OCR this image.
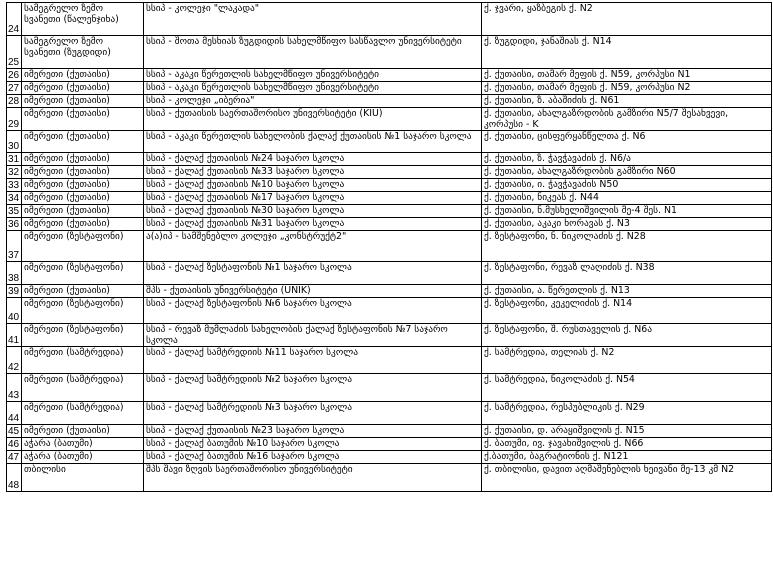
24	სამეგრელო ზემო სვანეთი (წალენჯიხა)	სსიპ - კოლეჯი "ლაკადა"	ქ. ჯვარი, ყაზბეგის ქ. N2
25	სამეგრელო ზემო სვანეთი (ზუგდიდი)	სსიპ - შოთა მესხიას ზუგდიდის სახელმწიფო სასწავლო უნივერსიტეტი	ქ. ზუგდიდი, ჯანაშიას ქ. N14
26	იმერეთი (ქუთაისი)	სსიპ - აკაკი წერეთლის სახელმწიფო უნივერსიტეტი	ქ. ქუთაისი, თამარ მეფის ქ. N59, კორპუსი N1
27	იმერეთი (ქუთაისი)	სსიპ - აკაკი წერეთლის სახელმწიფო უნივერსიტეტი	ქ. ქუთაისი, თამარ მეფის ქ. N59, კორპუსი N2
28	იმერეთი (ქუთაისი)	სსიპ - კოლეჯი „იბერია"	ქ. ქუთაისი, ზ. აბაშიძის ქ. N61
29	იმერეთი (ქუთაისი)	სსიპ - ქუთაისის საერთაშორისო უნივერსიტეტი (KIU)	ქ. ქუთაისი, ახალგაზრდობის გამზირი N5/7 შესახვევი, კორპუსი - K
30	იმერეთი (ქუთაისი)	სსიპ - აკაკი წერეთლის სახელობის ქალაქ ქუთაისის №1 საჯარო სკოლა	ქ. ქუთაისი, ცისფერყანწელთა ქ. N6
31	იმერეთი (ქუთაისი)	სსიპ - ქალაქ ქუთაისის №24 საჯარო სკოლა	ქ. ქუთაისი, ზ. ჭავჭავაძის ქ. N6/ა
32	იმერეთი (ქუთაისი)	სსიპ - ქალაქ ქუთაისის №33 საჯარო სკოლა	ქ. ქუთაისი, ახალგაზრდობის გამზირი N60
33	იმერეთი (ქუთაისი)	სსიპ - ქალაქ ქუთაისის №10 საჯარო სკოლა	ქ. ქუთაისი, ი. ჭავჭავაძის N50
34	იმერეთი (ქუთაისი)	სსიპ - ქალაქ ქუთაისის №17 საჯარო სკოლა	ქ. ქუთაისი, ნიკეას ქ. N44
35	იმერეთი (ქუთაისი)	სსიპ - ქალაქ ქუთაისის №30 საჯარო სკოლა	ქ. ქუთაისი, ნ.მუსხელიშვილის მე-4 შეს. N1
36	იმერეთი (ქუთაისი)	სსიპ - ქალაქ ქუთაისის №31 საჯარო სკოლა	ქ. ქუთაისი, აკაკი ხორავას ქ. N3
37	იმერეთი (ზესტაფონი)	ა(ა)იპ - სამშენებლო კოლეჯი „კონსტრუქტ2"	ქ. ზესტაფონი, ნ. ნიკოლაძის ქ. N28
38	იმერეთი (ზესტაფონი)	სსიპ - ქალაქ ზესტაფონის №1 საჯარო სკოლა	ქ. ზესტაფონი, რევაზ ლაღიძის ქ. N38
39	იმერეთი (ქუთაისი)	შპს - ქუთაისის უნივერსიტეტი (UNIK)	ქ. ქუთაისი, ა. წერეთლის ქ. N13
40	იმერეთი (ზესტაფონი)	სსიპ - ქალაქ ზესტაფონის №6 საჯარო სკოლა	ქ. ზესტაფონი, კეკელიძის ქ. N14
41	იმერეთი (ზესტაფონი)	სსიპ - რევაზ მუმლაძის სახელობის ქალაქ ზესტაფონის №7 საჯარო სკოლა	ქ. ზესტაფონი, შ. რუსთაველის ქ. N6ა
42	იმერეთი (სამტრედია)	სსიპ - ქალაქ სამტრედიის №11 საჯარო სკოლა	ქ. სამტრედია, თელიას ქ. N2
43	იმერეთი (სამტრედია)	სსიპ - ქალაქ სამტრედიის №2 საჯარო სკოლა	ქ. სამტრედია, ნიკოლაძის ქ. N54
44	იმერეთი (სამტრედია)	სსიპ - ქალაქ სამტრედიის №3 საჯარო სკოლა	ქ. სამტრედია, რესპუბლიკის ქ. N29
45	იმერეთი (ქუთაისი)	სსიპ - ქალაქ ქუთაისის №23 საჯარო სკოლა	ქ. ქუთაისი, დ. არაყიშვილის ქ. N15
46	აჭარა (ბათუმი)	სსიპ - ქალაქ ბათუმის №10 საჯარო სკოლა	ქ. ბათუმი, ივ. ჯავახიშვილის ქ. N66
47	აჭარა (ბათუმი)	სსიპ - ქალაქ ბათუმის №16 საჯარო სკოლა	ქ.ბათუმი, ბაგრატიონის ქ. N121
48	თბილისი	შპს შავი ზღვის საერთაშორისო უნივერსიტეტი	ქ. თბილისი, დავით აღმაშენებლის ხეივანი მე-13 კმ N2
